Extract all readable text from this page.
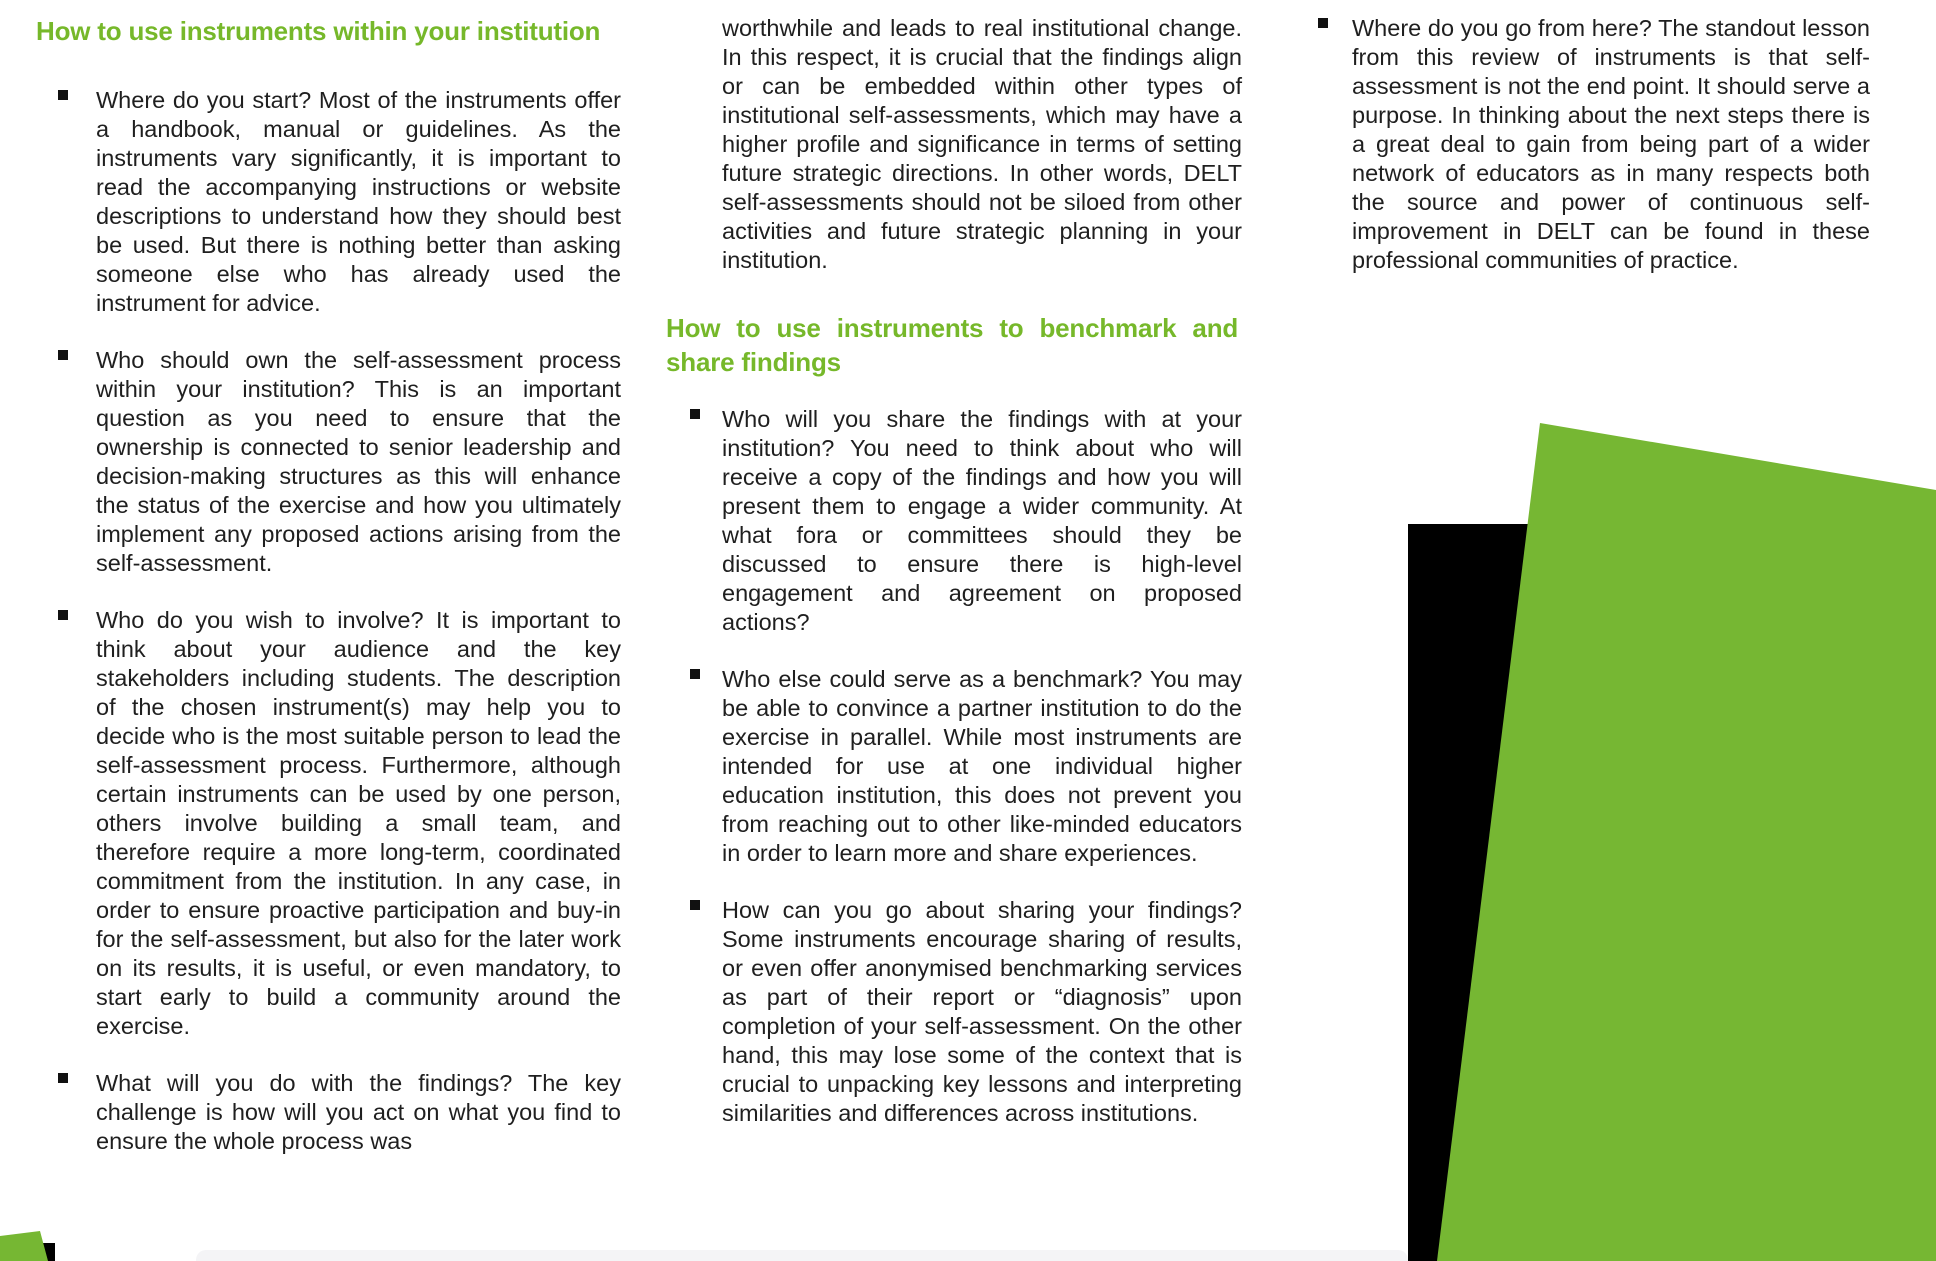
How to use instruments within your institution

Where do you start? Most of the instruments offer a handbook, manual or guidelines. As the instruments vary significantly, it is important to read the accompanying instructions or website descriptions to understand how they should best be used. But there is nothing better than asking someone else who has already used the instrument for advice.

Who should own the self-assessment process within your institution? This is an important question as you need to ensure that the ownership is connected to senior leadership and decision-making structures as this will enhance the status of the exercise and how you ultimately implement any proposed actions arising from the self-assessment.

Who do you wish to involve? It is important to think about your audience and the key stakeholders including students. The description of the chosen instrument(s) may help you to decide who is the most suitable person to lead the self-assessment process. Furthermore, although certain instruments can be used by one person, others involve building a small team, and therefore require a more long-term, coordinated commitment from the institution. In any case, in order to ensure proactive participation and buy-in for the self-assessment, but also for the later work on its results, it is useful, or even mandatory, to start early to build a community around the exercise.

What will you do with the findings? The key challenge is how will you act on what you find to ensure the whole process was

worthwhile and leads to real institutional change. In this respect, it is crucial that the findings align or can be embedded within other types of institutional self-assessments, which may have a higher profile and significance in terms of setting future strategic directions. In other words, DELT self-assessments should not be siloed from other activities and future strategic planning in your institution.

How to use instruments to benchmark and
share findings

Who will you share the findings with at your institution? You need to think about who will receive a copy of the findings and how you will present them to engage a wider community. At what fora or committees should they be discussed to ensure there is high-level engagement and agreement on proposed actions?

Who else could serve as a benchmark? You may be able to convince a partner institution to do the exercise in parallel. While most instruments are intended for use at one individual higher education institution, this does not prevent you from reaching out to other like-minded educators in order to learn more and share experiences.

How can you go about sharing your findings? Some instruments encourage sharing of results, or even offer anonymised benchmarking services as part of their report or “diagnosis” upon completion of your self-assessment. On the other hand, this may lose some of the context that is crucial to unpacking key lessons and interpreting similarities and differences across institutions.

Where do you go from here? The standout lesson from this review of instruments is that self-assessment is not the end point. It should serve a purpose. In thinking about the next steps there is a great deal to gain from being part of a wider network of educators as in many respects both the source and power of continuous self-improvement in DELT can be found in these professional communities of practice.
